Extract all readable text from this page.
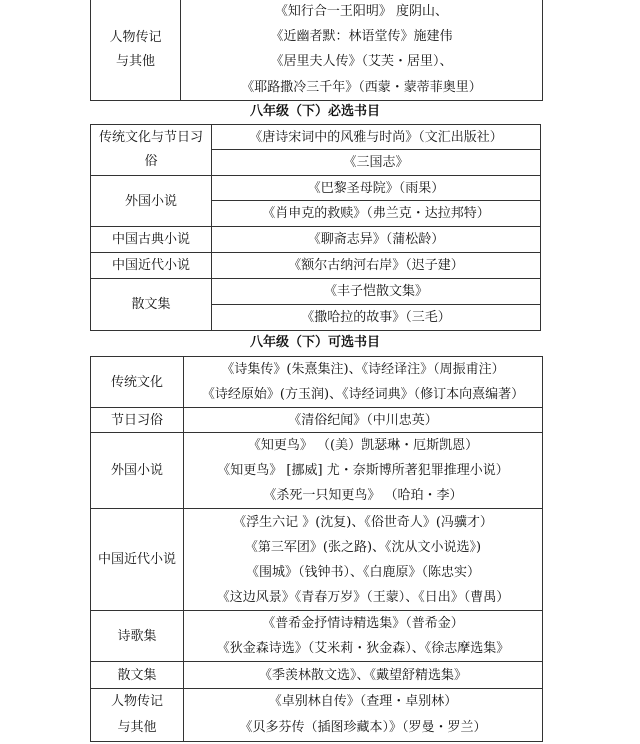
人物传记
与其他
	《知行合一王阳明》 度阴山、
《近幽者默：林语堂传》施建伟
《居里夫人传》（艾芙・居里）、
《耶路撒冷三千年》（西蒙・蒙蒂菲奥里）
八年级（下）必选书目
传统文化与节日习
俗	《唐诗宋词中的风雅与时尚》（文汇出版社）
	《三国志》
外国小说	《巴黎圣母院》（雨果）
	《肖申克的救赎》（弗兰克・达拉邦特）
中国古典小说	《聊斋志异》（蒲松龄）
中国近代小说	《额尔古纳河右岸》（迟子建）
散文集	《丰子恺散文集》
	《撒哈拉的故事》（三毛）
八年级（下）可选书目
传统文化	《诗集传》(朱熹集注)、《诗经译注》（周振甫注）
《诗经原始》(方玉润)、《诗经词典》（修订本向熹编著）

节日习俗	《清俗纪闻》（中川忠英）
外国小说	《知更鸟》 （(美）凯瑟琳・厄斯凯恩）
《知更鸟》 [挪威] 尤・奈斯博所著犯罪推理小说）
《杀死一只知更鸟》 （哈珀・李）

中国近代小说	《浮生六记 》(沈复)、《俗世奇人》(冯骥才）
《第三军团》(张之路)、《沈从文小说选》)
《围城》（钱钟书）、《白鹿原》（陈忠实）
《这边风景》《青春万岁》（王蒙）、《日出》（曹禺）

诗歌集	《普希金抒情诗精选集》（普希金）
《狄金森诗选》（艾米莉・狄金森）、《徐志摩选集》

散文集	《季羡林散文选》、《戴望舒精选集》

人物传记
与其他	《卓别林自传》（查理・卓别林）
《贝多芬传（插图珍藏本）》（罗曼・罗兰）
